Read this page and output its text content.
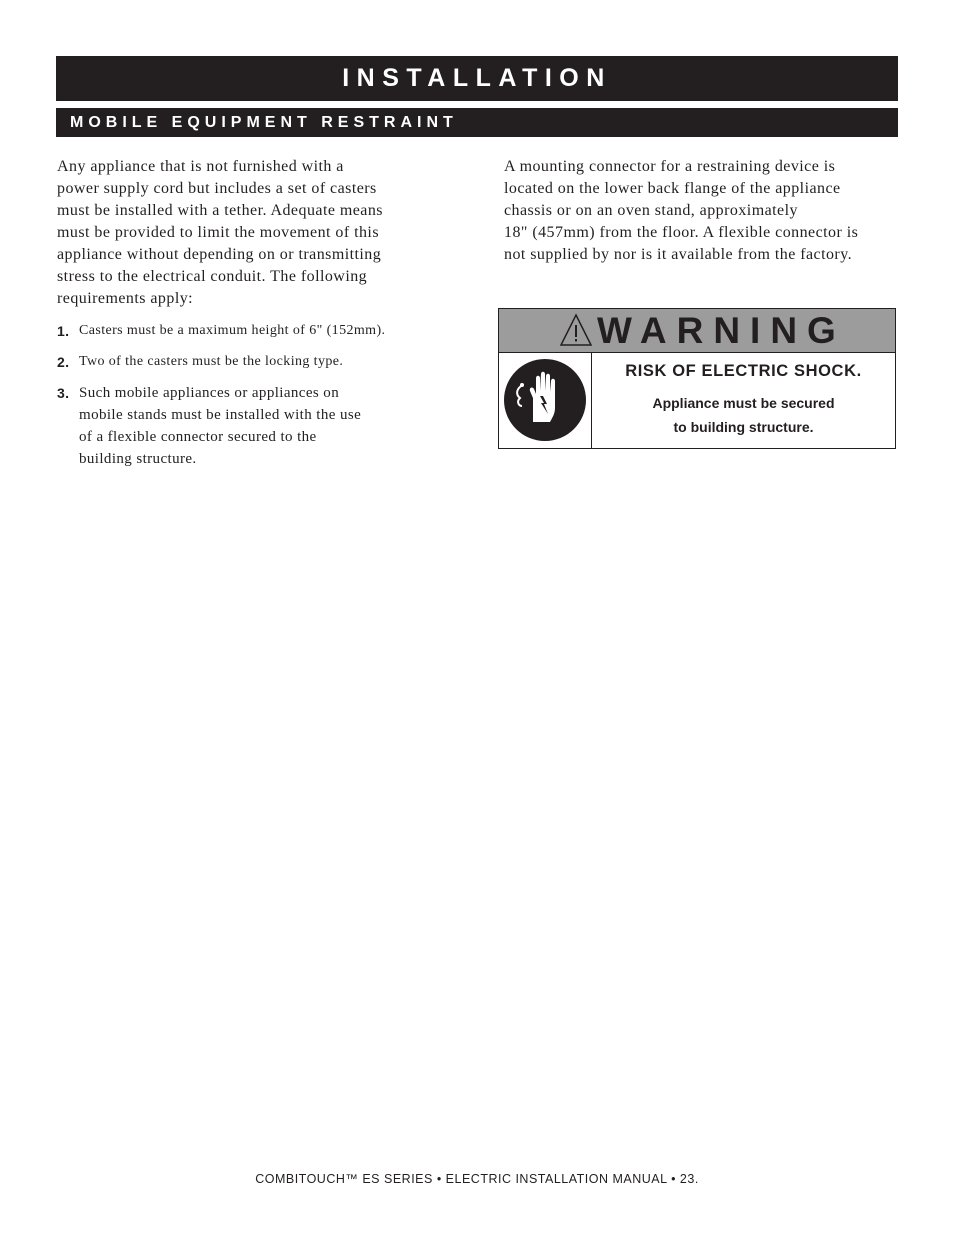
INSTALLATION
MOBILE EQUIPMENT RESTRAINT

Any appliance that is not furnished with a
power supply cord but includes a set of casters
must be installed with a tether. Adequate means
must be provided to limit the movement of this
appliance without depending on or transmitting
stress to the electrical conduit. The following
requirements apply:

1. Casters must be a maximum height of 6" (152mm).
2. Two of the casters must be the locking type.
3. Such mobile appliances or appliances on
mobile stands must be installed with the use
of a flexible connector secured to the
building structure.

A mounting connector for a restraining device is
located on the lower back flange of the appliance
chassis or on an oven stand, approximately
18" (457mm) from the floor. A flexible connector is
not supplied by nor is it available from the factory.

WARNING
RISK OF ELECTRIC SHOCK.
Appliance must be secured
to building structure.
COMBITOUCH™ ES SERIES • ELECTRIC INSTALLATION MANUAL • 23.
